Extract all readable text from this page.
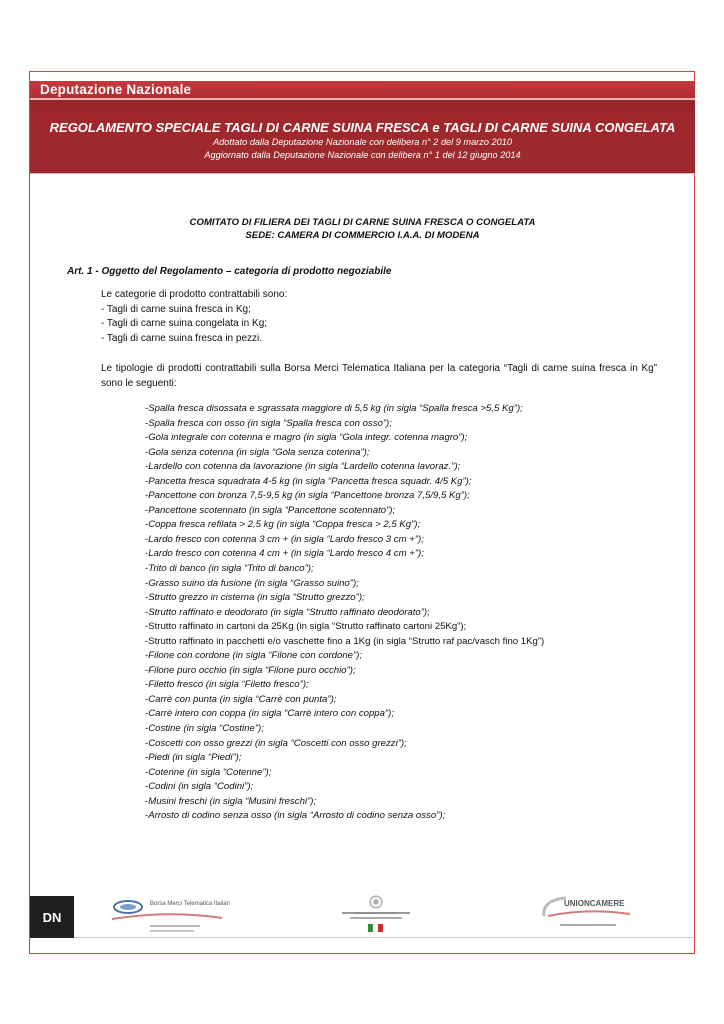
Deputazione Nazionale
REGOLAMENTO SPECIALE TAGLI DI CARNE SUINA FRESCA e TAGLI DI CARNE SUINA CONGELATA
Adottato dalla Deputazione Nazionale con delibera n° 2 del 9 marzo 2010
Aggiornato dalla Deputazione Nazionale con delibera n° 1 del 12 giugno 2014
COMITATO DI FILIERA DEI TAGLI DI CARNE SUINA FRESCA O CONGELATA
SEDE: CAMERA DI COMMERCIO I.A.A. DI MODENA
Art. 1 - Oggetto del Regolamento – categoria di prodotto negoziabile
Le categorie di prodotto contrattabili sono:
- Tagli di carne suina fresca in Kg;
- Tagli di carne suina congelata in Kg;
- Tagli di carne suina fresca in pezzi.
Le tipologie di prodotti contrattabili sulla Borsa Merci Telematica Italiana per la categoria “Tagli di carne suina fresca in Kg” sono le seguenti:
-Spalla fresca disossata e sgrassata maggiore di 5,5 kg (in sigla “Spalla fresca >5,5 Kg”);
-Spalla fresca con osso (in sigla “Spalla fresca con osso”);
-Gola integrale con cotenna e magro (in sigla “Gola integr. cotenna magro”);
-Gola senza cotenna (in sigla “Gola senza cotenna”);
-Lardello con cotenna da lavorazione (in sigla “Lardello cotenna lavoraz.”);
-Pancetta fresca squadrata 4-5 kg (in sigla “Pancetta fresca squadr. 4/5 Kg”);
-Pancettone con bronza 7,5-9,5 kg (in sigla “Pancettone bronza 7,5/9,5 Kg”);
-Pancettone scotennato (in sigla “Pancettone scotennato”);
-Coppa fresca refilata > 2,5 kg (in sigla “Coppa fresca > 2,5 Kg”);
-Lardo fresco con cotenna 3 cm + (in sigla “Lardo fresco 3 cm +”);
-Lardo fresco con cotenna 4 cm + (in sigla “Lardo fresco 4 cm +”);
-Trito di banco (in sigla “Trito di banco”);
-Grasso suino da fusione (in sigla “Grasso suino”);
-Strutto grezzo in cisterna (in sigla “Strutto grezzo”);
-Strutto raffinato e deodorato (in sigla “Strutto raffinato deodorato”);
-Strutto raffinato in cartoni da 25Kg (in sigla “Strutto raffinato cartoni 25Kg”);
-Strutto raffinato in pacchetti e/o vaschette fino a 1Kg (in sigla “Strutto raf pac/vasch fino 1Kg”)
-Filone con cordone (in sigla “Filone con cordone”);
-Filone puro occhio (in sigla “Filone puro occhio”);
-Filetto fresco (in sigla “Filetto fresco”);
-Carrè con punta (in sigla “Carrè con punta”);
-Carrè intero con coppa (in sigla “Carrè intero con coppa”);
-Costine (in sigla “Costine”);
-Coscetti con osso grezzi (in sigla “Coscetti con osso grezzi”);
-Piedi (in sigla “Piedi”);
-Cotenne (in sigla “Cotenne”);
-Codini (in sigla “Codini”);
-Musini freschi (in sigla “Musini freschi”);
-Arrosto di codino senza osso (in sigla “Arrosto di codino senza osso”);
DN
Borsa Merci Telematica Italiana
Ministero delle Politiche Agricole
UNIONCAMERE
